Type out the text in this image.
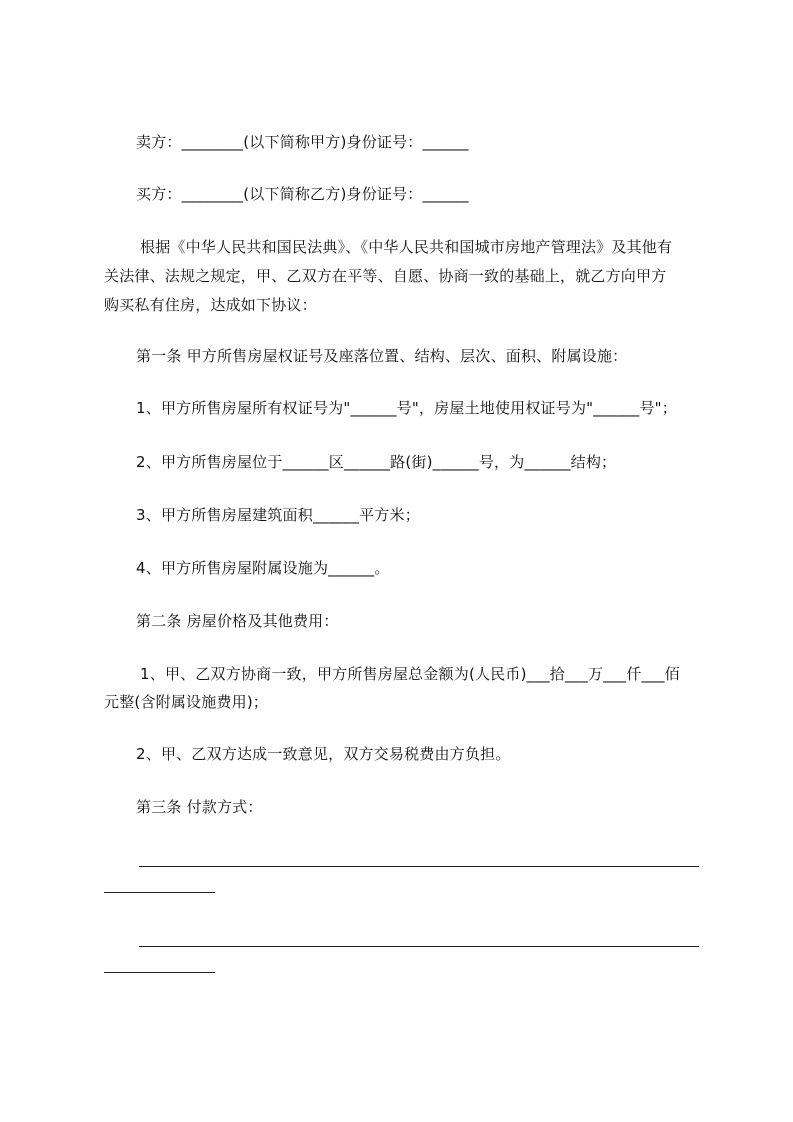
卖方：________(以下简称甲方)身份证号：______
买方：________(以下简称乙方)身份证号：______
根据《中华人民共和国民法典》、《中华人民共和国城市房地产管理法》及其他有
关法律、法规之规定，甲、乙双方在平等、自愿、协商一致的基础上，就乙方向甲方
购买私有住房，达成如下协议：
第一条 甲方所售房屋权证号及座落位置、结构、层次、面积、附属设施：
1、甲方所售房屋所有权证号为"______号"，房屋土地使用权证号为"______号"；
2、甲方所售房屋位于______区______路(街)______号，为______结构；
3、甲方所售房屋建筑面积______平方米；
4、甲方所售房屋附属设施为______。
第二条 房屋价格及其他费用：
1、甲、乙双方协商一致，甲方所售房屋总金额为(人民币)___拾___万___仟___佰
元整(含附属设施费用)；
2、甲、乙双方达成一致意见，双方交易税费由方负担。
第三条 付款方式：
